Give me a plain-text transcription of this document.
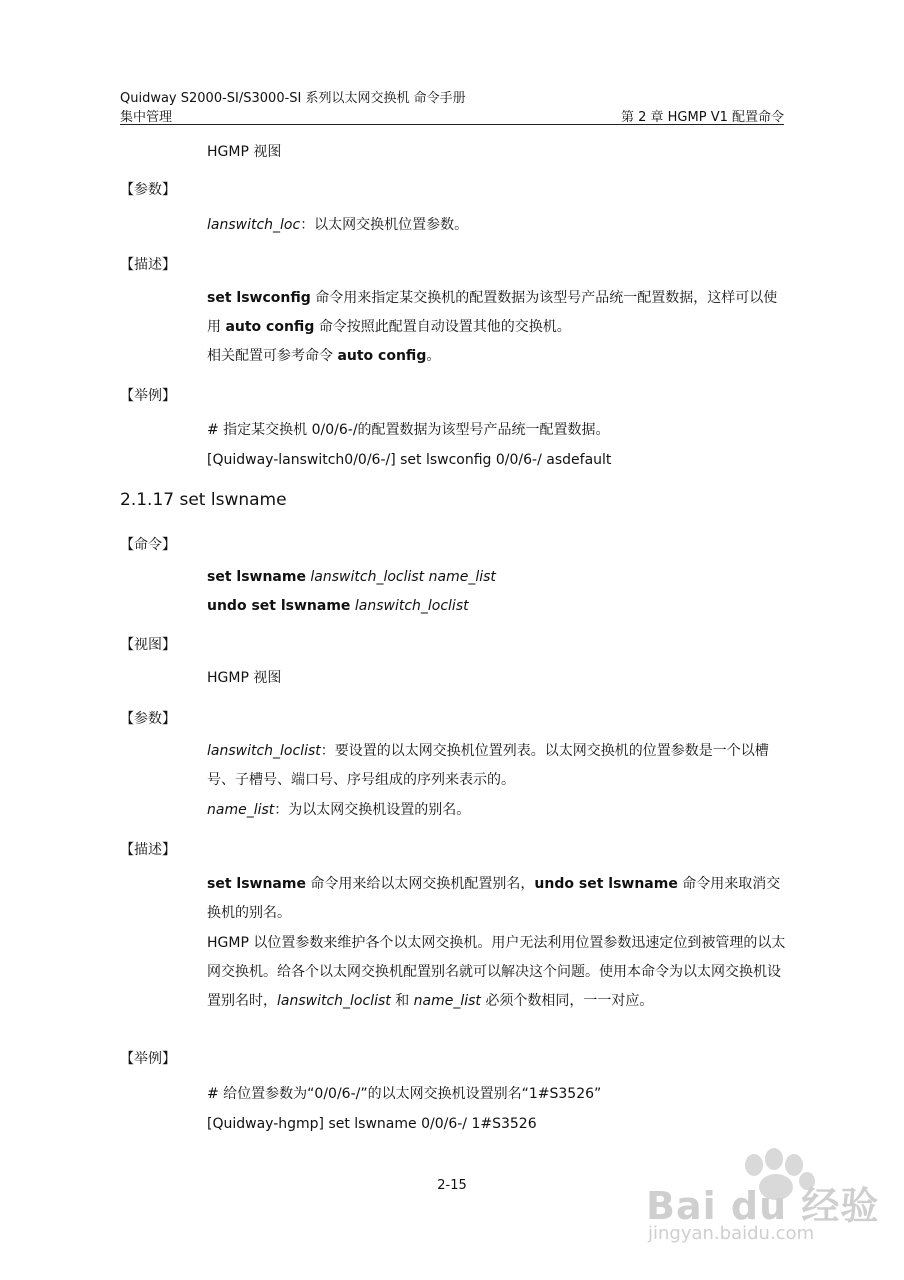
Quidway S2000-SI/S3000-SI 系列以太网交换机 命令手册
集中管理	第 2 章 HGMP V1 配置命令
HGMP 视图
【参数】
lanswitch_loc：以太网交换机位置参数。
【描述】
set lswconfig 命令用来指定某交换机的配置数据为该型号产品统一配置数据，这样可以使用 auto config 命令按照此配置自动设置其他的交换机。
相关配置可参考命令 auto config。
【举例】
# 指定某交换机 0/0/6-/的配置数据为该型号产品统一配置数据。
[Quidway-lanswitch0/0/6-/] set lswconfig 0/0/6-/ asdefault
2.1.17 set lswname
【命令】
set lswname lanswitch_loclist name_list
undo set lswname lanswitch_loclist
【视图】
HGMP 视图
【参数】
lanswitch_loclist：要设置的以太网交换机位置列表。以太网交换机的位置参数是一个以槽号、子槽号、端口号、序号组成的序列来表示的。
name_list：为以太网交换机设置的别名。
【描述】
set lswname 命令用来给以太网交换机配置别名，undo set lswname 命令用来取消交换机的别名。
HGMP 以位置参数来维护各个以太网交换机。用户无法利用位置参数迅速定位到被管理的以太网交换机。给各个以太网交换机配置别名就可以解决这个问题。使用本命令为以太网交换机设置别名时，lanswitch_loclist 和 name_list 必须个数相同，一一对应。
【举例】
# 给位置参数为“0/0/6-/”的以太网交换机设置别名“1#S3526”
[Quidway-hgmp] set lswname 0/0/6-/ 1#S3526
2-15	Bai du 经验
jingyan.baidu.com
